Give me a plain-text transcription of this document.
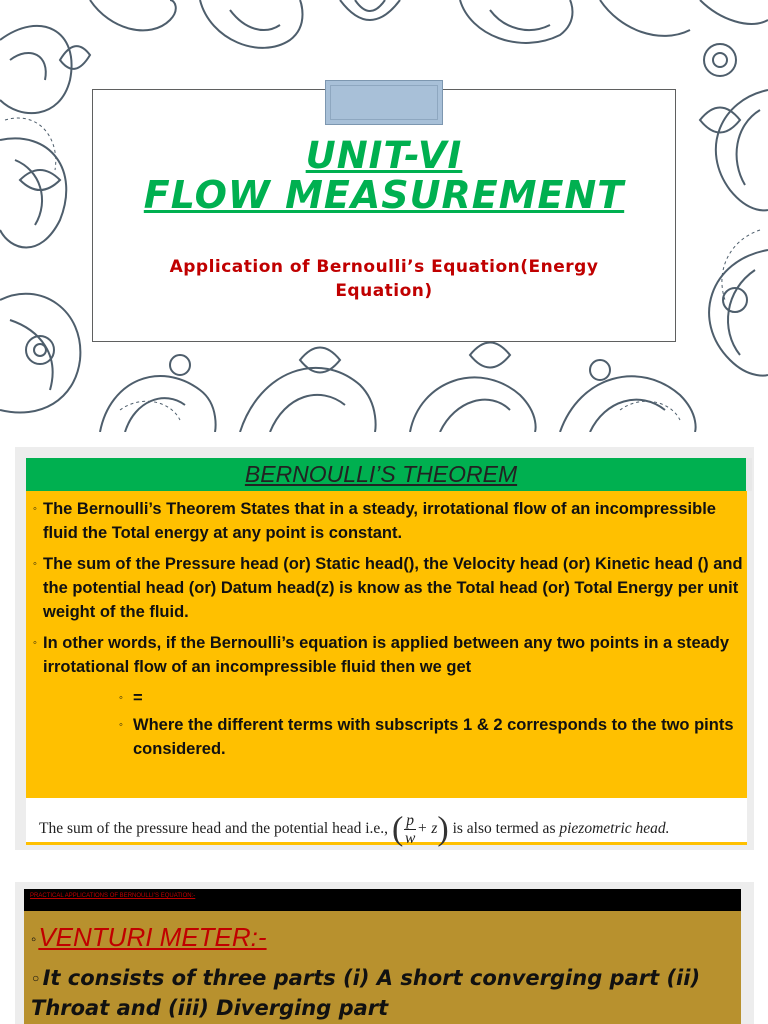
UNIT-VI
FLOW MEASUREMENT
Application of Bernoulli’s Equation(Energy Equation)
BERNOULLI’S THEOREM
◦ The Bernoulli’s Theorem States that in a steady, irrotational flow of an incompressible fluid the Total energy at any point is constant.
◦ The sum of the Pressure head (or) Static head(), the Velocity head (or) Kinetic head () and the potential head (or) Datum head(z) is know as the Total head (or) Total Energy per unit weight of the fluid.
◦ In other words, if the Bernoulli’s equation is applied between any two points in a steady irrotational flow of an incompressible fluid then we get
◦ =
◦ Where the different terms with subscripts 1 & 2 corresponds to the two pints considered.
The sum of the pressure head and the potential head i.e., ( $\frac{p}{w} + z$) is also termed as piezometric head.
PRACTICAL APPLICATIONS OF BERNOULLI’S EQUATION:-
◦VENTURI METER:-
◦It consists of three parts (i) A short converging part (ii) Throat and (iii) Diverging part
